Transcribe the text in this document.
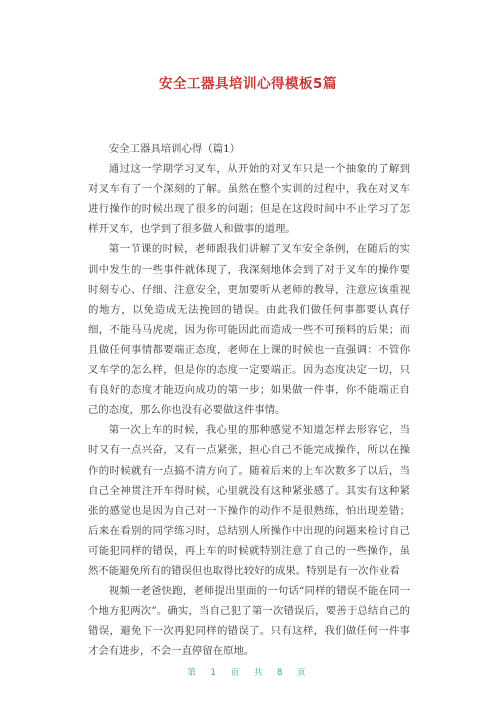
安全工器具培训心得模板5篇

安全工器具培训心得（篇1）

通过这一学期学习叉车，从开始的对叉车只是一个抽象的了解到对叉车有了一个深刻的了解。虽然在整个实训的过程中，我在对叉车进行操作的时候出现了很多的问题；但是在这段时间中不止学习了怎样开叉车，也学到了很多做人和做事的道理。

第一节课的时候，老师跟我们讲解了叉车安全条例，在随后的实训中发生的一些事件就体现了，我深刻地体会到了对于叉车的操作要时刻专心、仔细、注意安全，更加要听从老师的教导，注意应该重视的地方，以免造成无法挽回的错误。由此我们做任何事都要认真仔细，不能马马虎虎，因为你可能因此而造成一些不可预料的后果；而且做任何事情都要端正态度，老师在上课的时候也一直强调：不管你叉车学的怎么样，但是你的态度一定要端正。因为态度决定一切，只有良好的态度才能迈向成功的第一步；如果做一件事，你不能端正自己的态度，那么你也没有必要做这件事情。

第一次上车的时候，我心里的那种感觉不知道怎样去形容它，当时又有一点兴奋，又有一点紧张，担心自己不能完成操作，所以在操作的时候就有一点搞不清方向了。随着后来的上车次数多了以后，当自己全神贯注开车得时候，心里就没有这种紧张感了。其实有这种紧张的感觉也是因为自己对一下操作的动作不是很熟练，怕出现差错；后来在看别的同学练习时，总结别人所操作中出现的问题来检讨自己可能犯同样的错误，再上车的时候就特别注意了自己的一些操作，虽然不能避免所有的错误但也取得比较好的成果。特别是有一次作业看

视频一老爸快跑，老师提出里面的一句话“同样的错误不能在同一个地方犯两次”。确实，当自己犯了第一次错误后，要善于总结自己的错误，避免下一次再犯同样的错误了。只有这样，我们做任何一件事才会有进步，不会一直停留在原地。

第 1 页 共 8 页
